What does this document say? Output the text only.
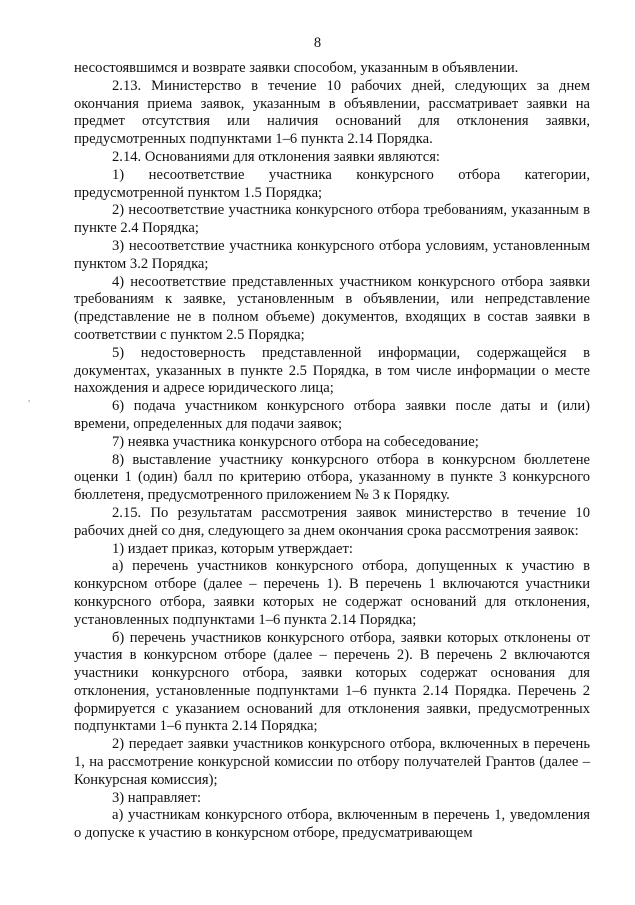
8
,

несостоявшимся и возврате заявки способом, указанным в объявлении.

2.13. Министерство в течение 10 рабочих дней, следующих за днем окончания приема заявок, указанным в объявлении, рассматривает заявки на предмет отсутствия или наличия оснований для отклонения заявки, предусмотренных подпунктами 1–6 пункта 2.14 Порядка.

2.14. Основаниями для отклонения заявки являются:

1) несоответствие участника конкурсного отбора категории, предусмотренной пунктом 1.5 Порядка;

2) несоответствие участника конкурсного отбора требованиям, указанным в пункте 2.4 Порядка;

3) несоответствие участника конкурсного отбора условиям, установленным пунктом 3.2 Порядка;

4) несоответствие представленных участником конкурсного отбора заявки требованиям к заявке, установленным в объявлении, или непредставление (представление не в полном объеме) документов, входящих в состав заявки в соответствии с пунктом 2.5 Порядка;

5) недостоверность представленной информации, содержащейся в документах, указанных в пункте 2.5 Порядка, в том числе информации о месте нахождения и адресе юридического лица;

6) подача участником конкурсного отбора заявки после даты и (или) времени, определенных для подачи заявок;

7) неявка участника конкурсного отбора на собеседование;

8) выставление участнику конкурсного отбора в конкурсном бюллетене оценки 1 (один) балл по критерию отбора, указанному в пункте 3 конкурсного бюллетеня, предусмотренного приложением № 3 к Порядку.

2.15. По результатам рассмотрения заявок министерство в течение 10 рабочих дней со дня, следующего за днем окончания срока рассмотрения заявок:

1) издает приказ, которым утверждает:

а) перечень участников конкурсного отбора, допущенных к участию в конкурсном отборе (далее – перечень 1). В перечень 1 включаются участники конкурсного отбора, заявки которых не содержат оснований для отклонения, установленных подпунктами 1–6 пункта 2.14 Порядка;

б) перечень участников конкурсного отбора, заявки которых отклонены от участия в конкурсном отборе (далее – перечень 2). В перечень 2 включаются участники конкурсного отбора, заявки которых содержат основания для отклонения, установленные подпунктами 1–6 пункта 2.14 Порядка. Перечень 2 формируется с указанием оснований для отклонения заявки, предусмотренных подпунктами 1–6 пункта 2.14 Порядка;

2) передает заявки участников конкурсного отбора, включенных в перечень 1, на рассмотрение конкурсной комиссии по отбору получателей Грантов (далее – Конкурсная комиссия);

3) направляет:

а) участникам конкурсного отбора, включенным в перечень 1, уведомления о допуске к участию в конкурсном отборе, предусматривающем
